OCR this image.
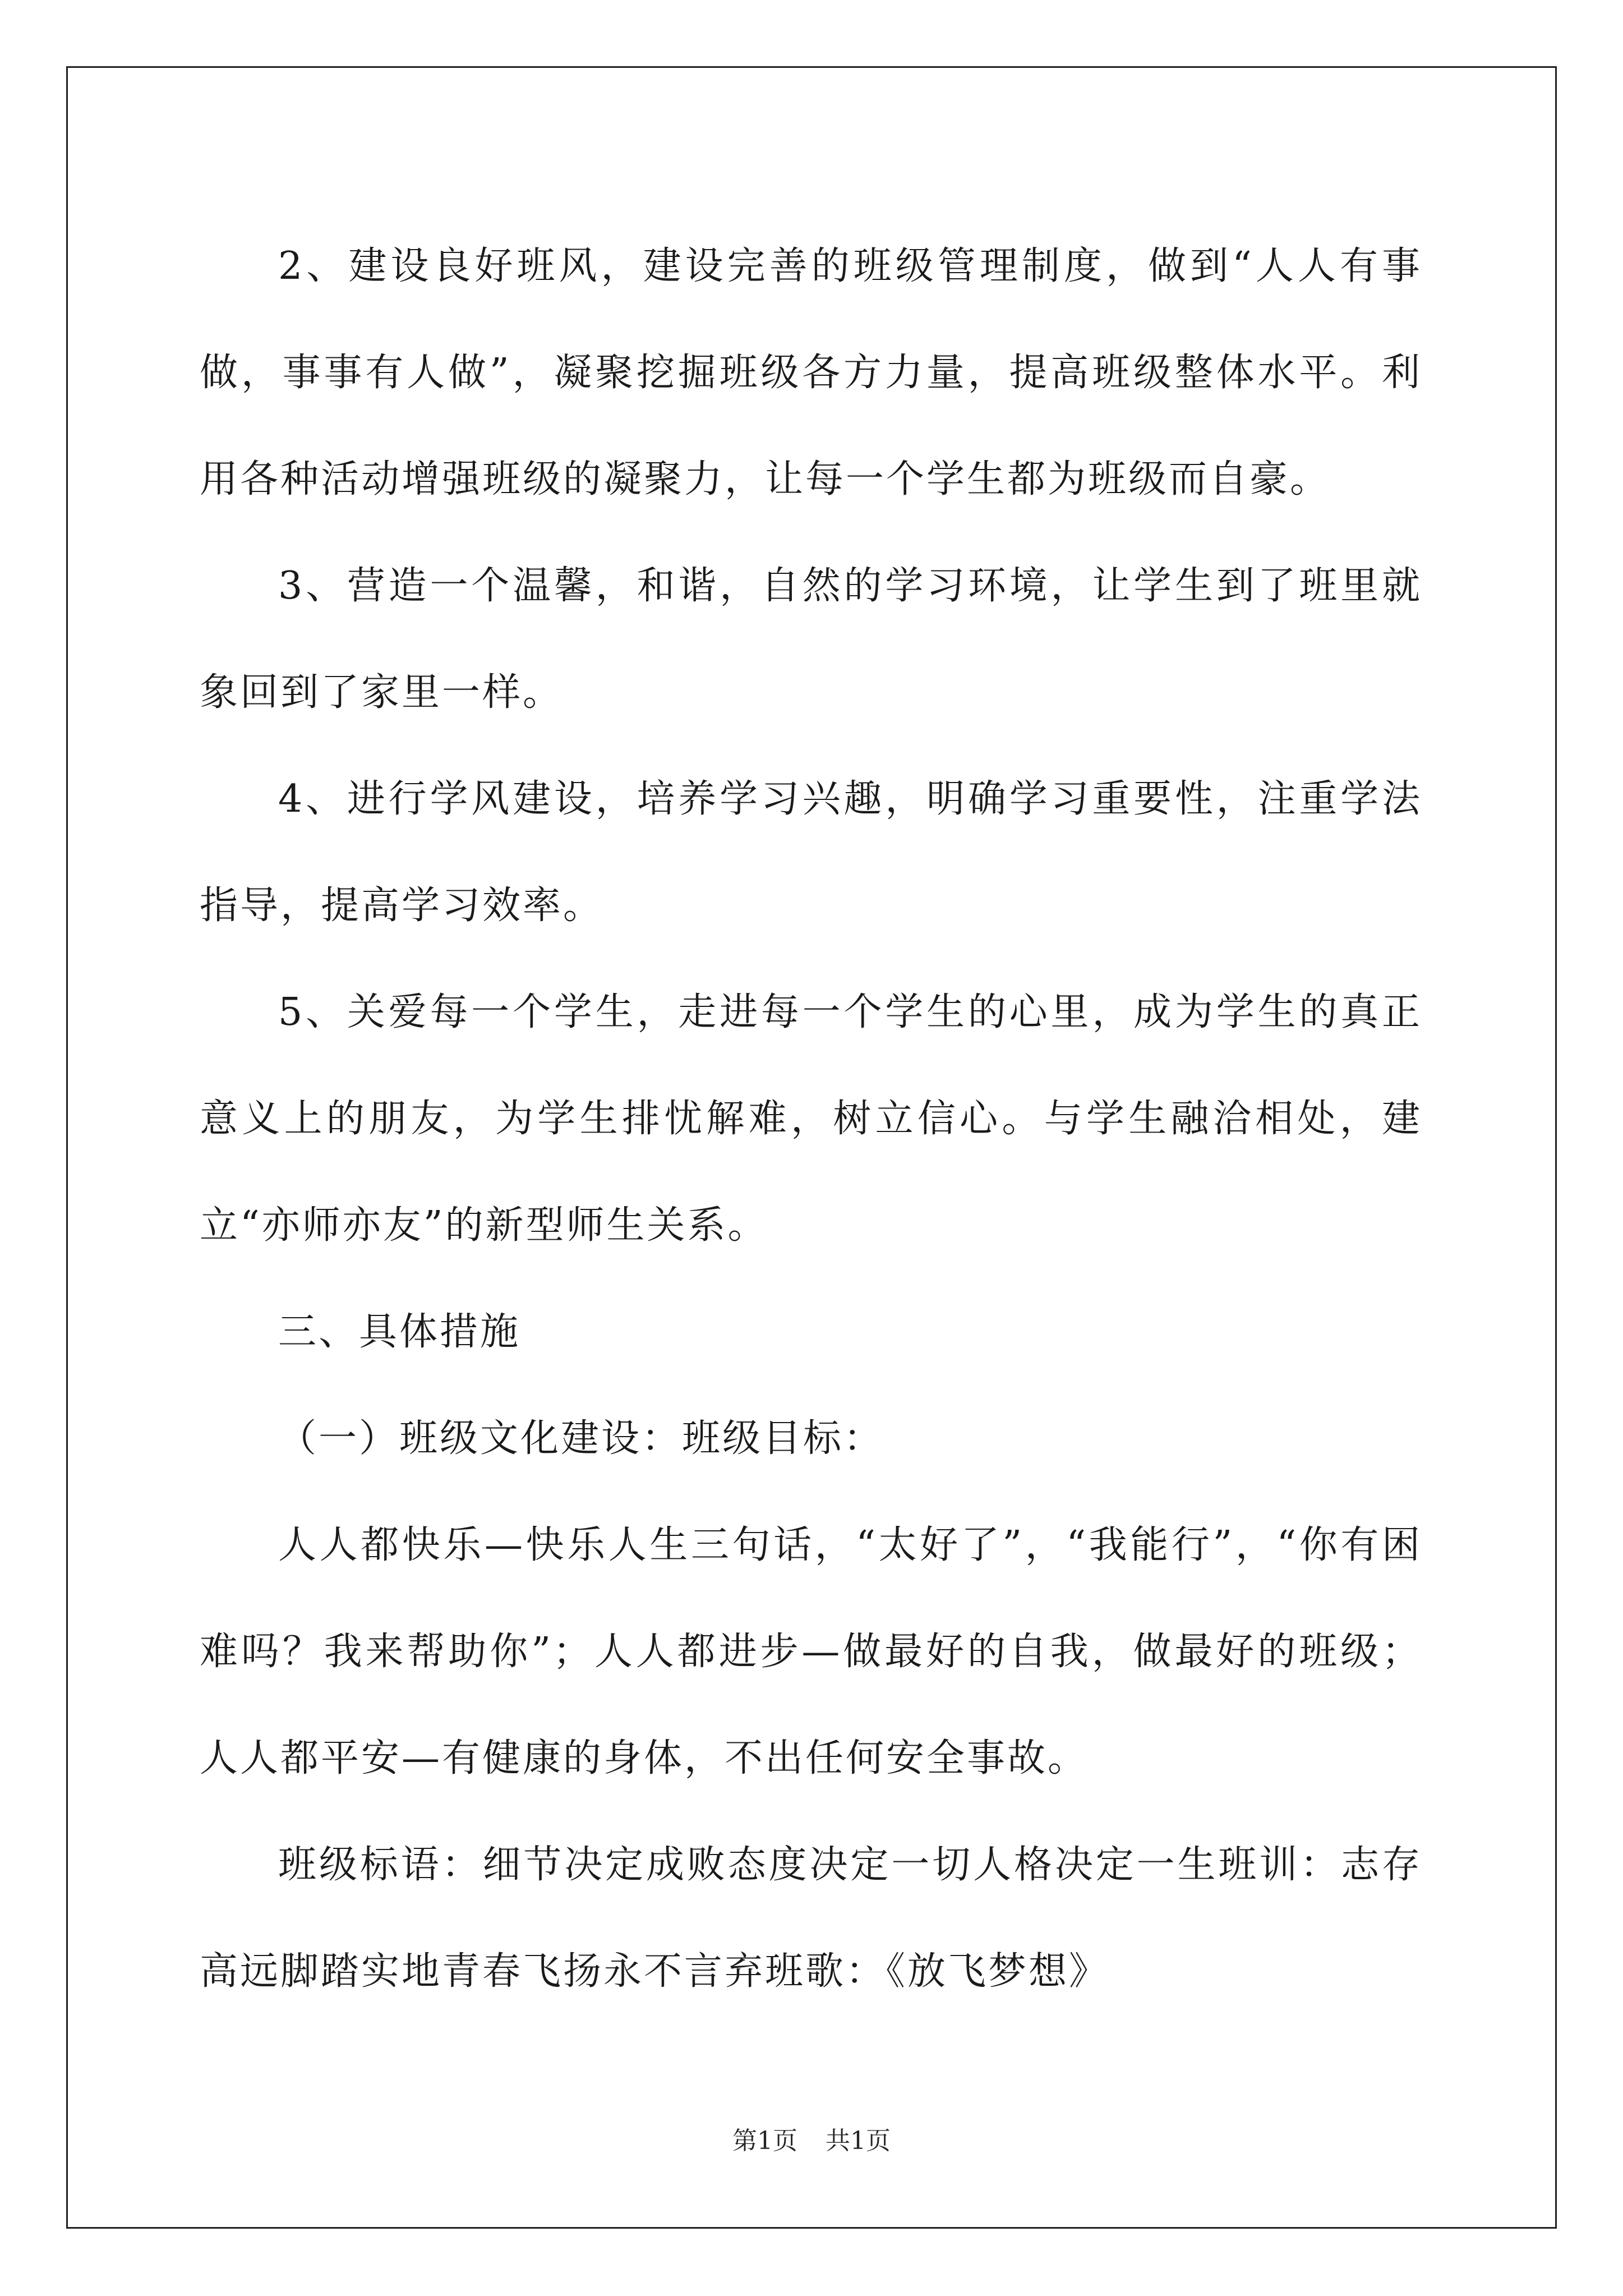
2、建设良好班风，建设完善的班级管理制度，做到“人人有事做，事事有人做”，凝聚挖掘班级各方力量，提高班级整体水平。利用各种活动增强班级的凝聚力，让每一个学生都为班级而自豪。

3、营造一个温馨，和谐，自然的学习环境，让学生到了班里就象回到了家里一样。

4、进行学风建设，培养学习兴趣，明确学习重要性，注重学法指导，提高学习效率。

5、关爱每一个学生，走进每一个学生的心里，成为学生的真正意义上的朋友，为学生排忧解难，树立信心。与学生融洽相处，建立“亦师亦友”的新型师生关系。

三、具体措施

（一）班级文化建设：班级目标：

人人都快乐—快乐人生三句话，“太好了”，“我能行”，“你有困难吗？我来帮助你”；人人都进步—做最好的自我，做最好的班级；人人都平安—有健康的身体，不出任何安全事故。

班级标语：细节决定成败态度决定一切人格决定一生班训：志存高远脚踏实地青春飞扬永不言弃班歌：《放飞梦想》

第1页 共1页
